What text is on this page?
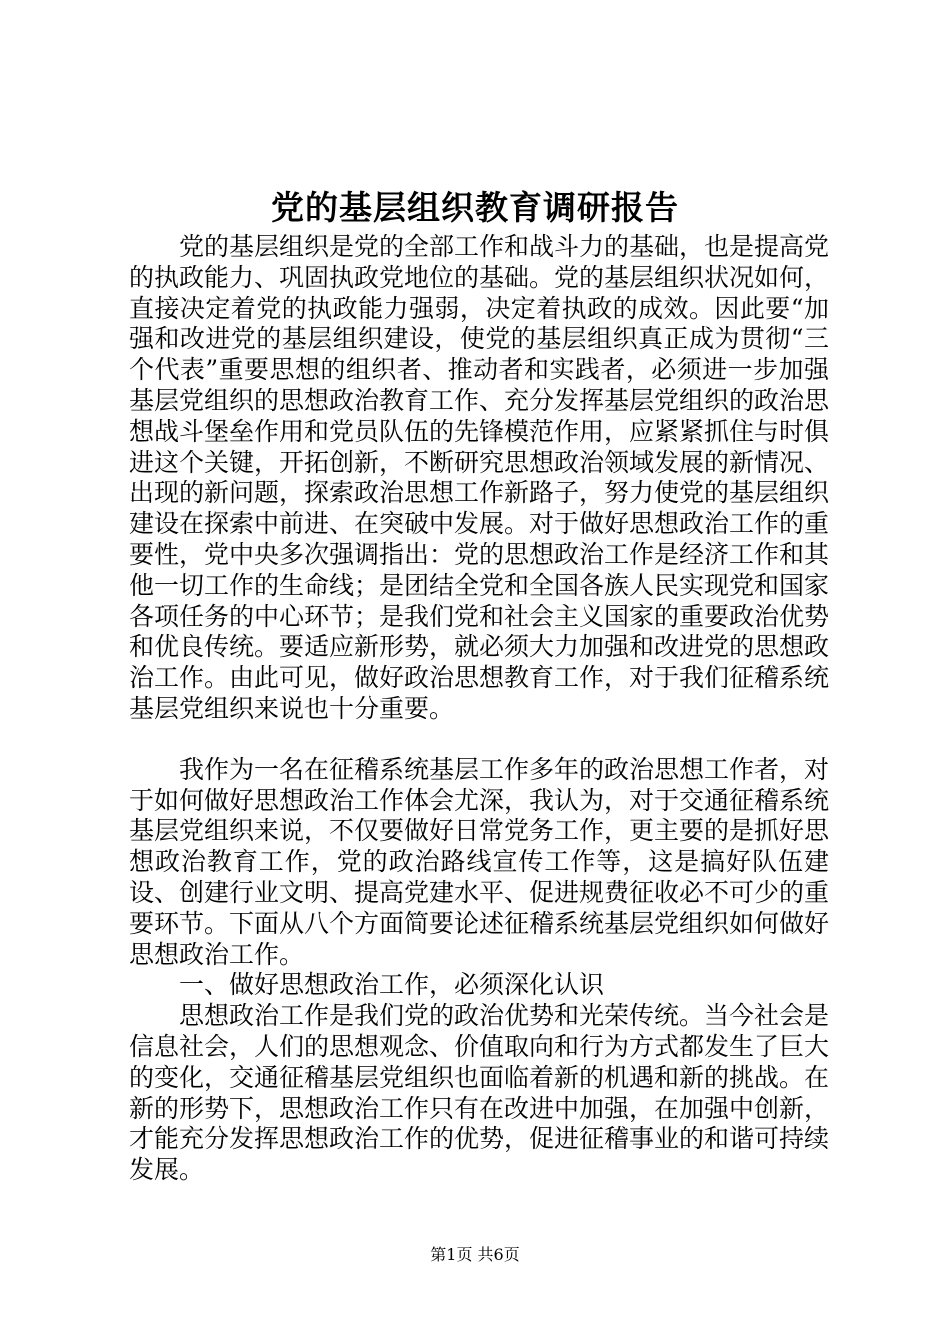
党的基层组织教育调研报告

党的基层组织是党的全部工作和战斗力的基础，也是提高党的执政能力、巩固执政党地位的基础。党的基层组织状况如何，直接决定着党的执政能力强弱，决定着执政的成效。因此要“加强和改进党的基层组织建设，使党的基层组织真正成为贯彻“三个代表”重要思想的组织者、推动者和实践者，必须进一步加强基层党组织的思想政治教育工作、充分发挥基层党组织的政治思想战斗堡垒作用和党员队伍的先锋模范作用，应紧紧抓住与时俱进这个关键，开拓创新，不断研究思想政治领域发展的新情况、出现的新问题，探索政治思想工作新路子，努力使党的基层组织建设在探索中前进、在突破中发展。对于做好思想政治工作的重要性，党中央多次强调指出：党的思想政治工作是经济工作和其他一切工作的生命线；是团结全党和全国各族人民实现党和国家各项任务的中心环节；是我们党和社会主义国家的重要政治优势和优良传统。要适应新形势，就必须大力加强和改进党的思想政治工作。由此可见，做好政治思想教育工作，对于我们征稽系统基层党组织来说也十分重要。

我作为一名在征稽系统基层工作多年的政治思想工作者，对于如何做好思想政治工作体会尤深，我认为，对于交通征稽系统基层党组织来说，不仅要做好日常党务工作，更主要的是抓好思想政治教育工作，党的政治路线宣传工作等，这是搞好队伍建设、创建行业文明、提高党建水平、促进规费征收必不可少的重要环节。下面从八个方面简要论述征稽系统基层党组织如何做好思想政治工作。

一、做好思想政治工作，必须深化认识

思想政治工作是我们党的政治优势和光荣传统。当今社会是信息社会，人们的思想观念、价值取向和行为方式都发生了巨大的变化，交通征稽基层党组织也面临着新的机遇和新的挑战。在新的形势下，思想政治工作只有在改进中加强，在加强中创新，才能充分发挥思想政治工作的优势，促进征稽事业的和谐可持续发展。

第1页 共6页
